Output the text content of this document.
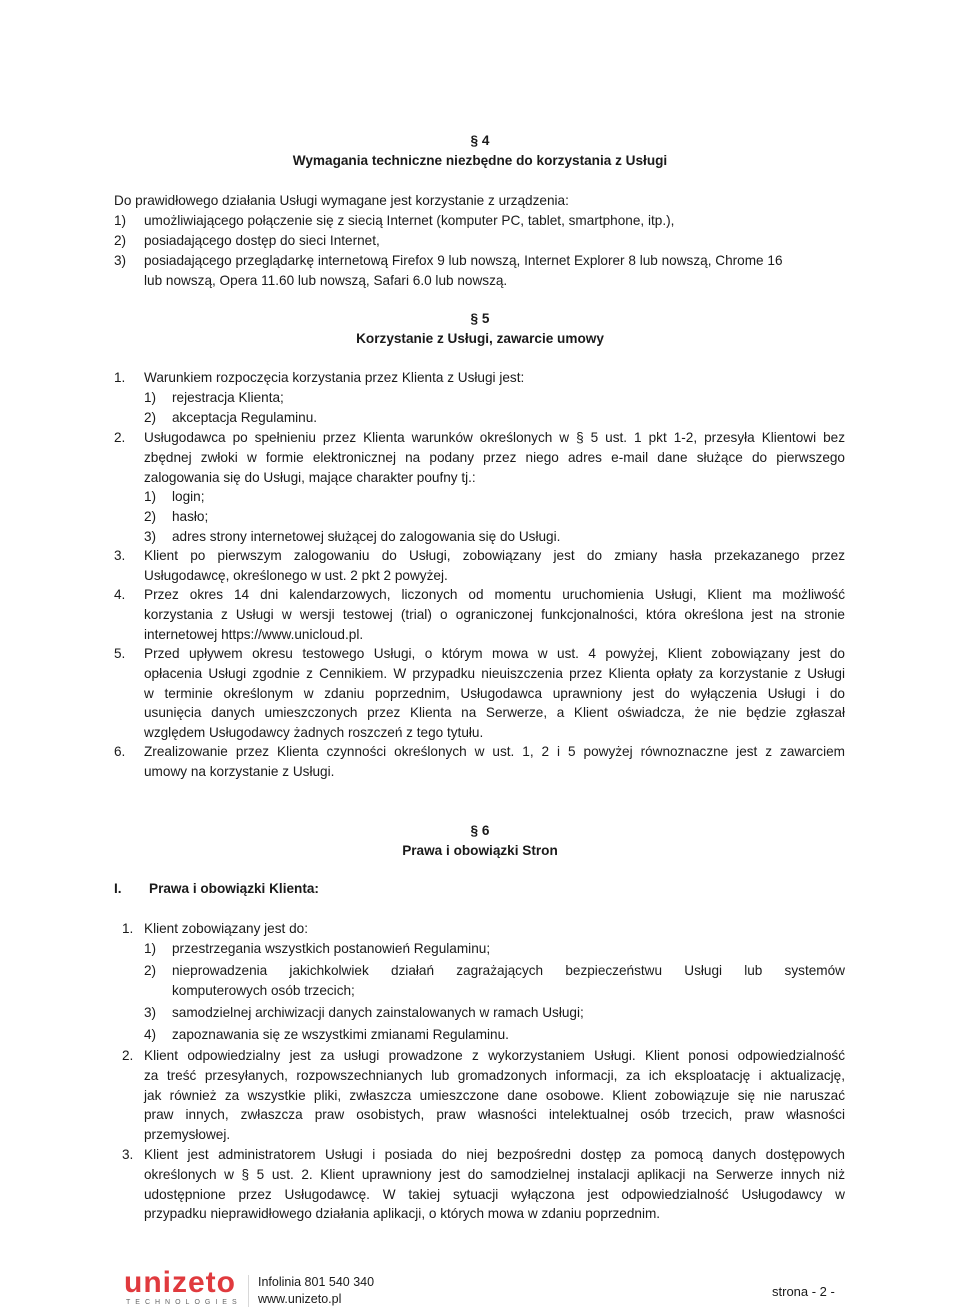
§ 4
Wymagania techniczne niezbędne do korzystania z Usługi
Do prawidłowego działania Usługi wymagane jest korzystanie z urządzenia:
1) umożliwiającego połączenie się z siecią Internet (komputer PC, tablet, smartphone, itp.),
2) posiadającego dostęp do sieci Internet,
3) posiadającego przeglądarkę internetową Firefox 9 lub nowszą, Internet Explorer 8 lub nowszą, Chrome 16
lub nowszą, Opera 11.60 lub nowszą, Safari 6.0 lub nowszą.
§ 5
Korzystanie z Usługi, zawarcie umowy
1. Warunkiem rozpoczęcia korzystania przez Klienta z Usługi jest:
1) rejestracja Klienta;
2) akceptacja Regulaminu.
2. Usługodawca po spełnieniu przez Klienta warunków określonych w § 5 ust. 1 pkt 1-2, przesyła Klientowi bez
zbędnej zwłoki w formie elektronicznej na podany przez niego adres e-mail dane służące do pierwszego
zalogowania się do Usługi, mające charakter poufny tj.:
1) login;
2) hasło;
3) adres strony internetowej służącej do zalogowania się do Usługi.
3. Klient po pierwszym zalogowaniu do Usługi, zobowiązany jest do zmiany hasła przekazanego przez
Usługodawcę, określonego w ust. 2 pkt 2 powyżej.
4. Przez okres 14 dni kalendarzowych, liczonych od momentu uruchomienia Usługi, Klient ma możliwość
korzystania z Usługi w wersji testowej (trial) o ograniczonej funkcjonalności, która określona jest na stronie
internetowej https://www.unicloud.pl.
5. Przed upływem okresu testowego Usługi, o którym mowa w ust. 4 powyżej, Klient zobowiązany jest do
opłacenia Usługi zgodnie z Cennikiem. W przypadku nieuiszczenia przez Klienta opłaty za korzystanie z Usługi
w terminie określonym w zdaniu poprzednim, Usługodawca uprawniony jest do wyłączenia Usługi i do
usunięcia danych umieszczonych przez Klienta na Serwerze, a Klient oświadcza, że nie będzie zgłaszał
względem Usługodawcy żadnych roszczeń z tego tytułu.
6. Zrealizowanie przez Klienta czynności określonych w ust. 1, 2 i 5 powyżej równoznaczne jest z zawarciem
umowy na korzystanie z Usługi.
§ 6
Prawa i obowiązki Stron
I. Prawa i obowiązki Klienta:
1. Klient zobowiązany jest do:
1) przestrzegania wszystkich postanowień Regulaminu;
2) nieprowadzenia jakichkolwiek działań zagrażających bezpieczeństwu Usługi lub systemów
komputerowych osób trzecich;
3) samodzielnej archiwizacji danych zainstalowanych w ramach Usługi;
4) zapoznawania się ze wszystkimi zmianami Regulaminu.
2. Klient odpowiedzialny jest za usługi prowadzone z wykorzystaniem Usługi. Klient ponosi odpowiedzialność
za treść przesyłanych, rozpowszechnianych lub gromadzonych informacji, za ich eksploatację i aktualizację,
jak również za wszystkie pliki, zwłaszcza umieszczone dane osobowe. Klient zobowiązuje się nie naruszać
praw innych, zwłaszcza praw osobistych, praw własności intelektualnej osób trzecich, praw własności
przemysłowej.
3. Klient jest administratorem Usługi i posiada do niej bezpośredni dostęp za pomocą danych dostępowych
określonych w § 5 ust. 2. Klient uprawniony jest do samodzielnej instalacji aplikacji na Serwerze innych niż
udostępnione przez Usługodawcę. W takiej sytuacji wyłączona jest odpowiedzialność Usługodawcy w
przypadku nieprawidłowego działania aplikacji, o których mowa w zdaniu poprzednim.
unizeto
TECHNOLOGIES
Infolinia 801 540 340
www.unizeto.pl	strona - 2 -
